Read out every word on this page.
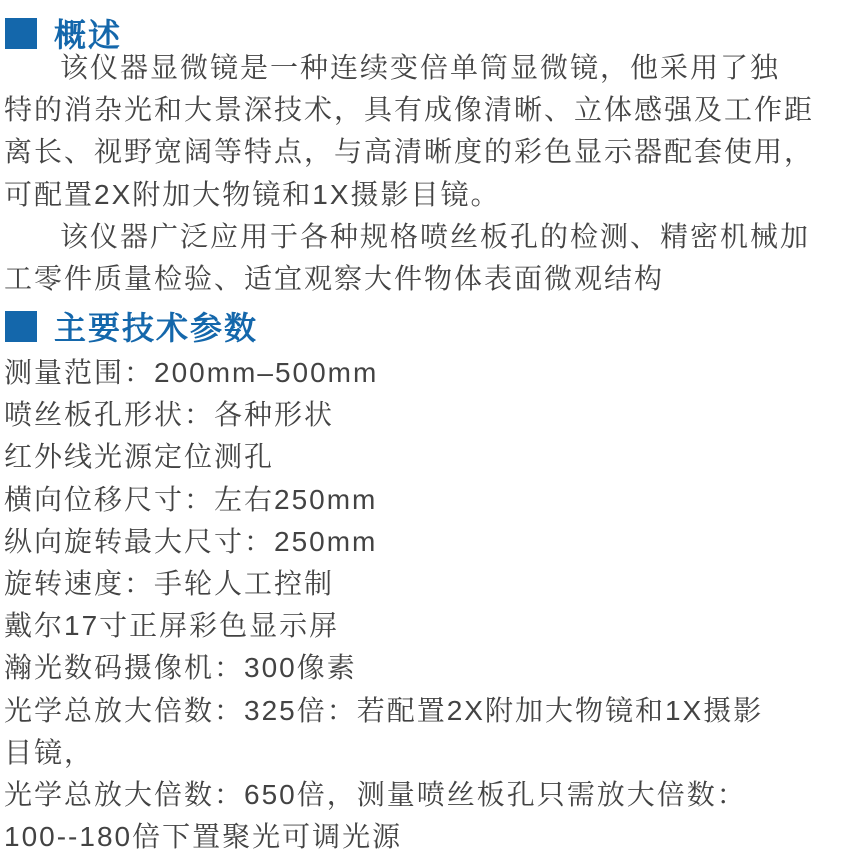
概述
该仪器显微镜是一种连续变倍单筒显微镜，他采用了独
特的消杂光和大景深技术，具有成像清晰、立体感强及工作距
离长、视野宽阔等特点，与高清晰度的彩色显示器配套使用，
可配置2X附加大物镜和1X摄影目镜。
该仪器广泛应用于各种规格喷丝板孔的检测、精密机械加
工零件质量检验、适宜观察大件物体表面微观结构
主要技术参数
测量范围：200mm–500mm
喷丝板孔形状：各种形状
红外线光源定位测孔
横向位移尺寸：左右250mm
纵向旋转最大尺寸：250mm
旋转速度：手轮人工控制
戴尔17寸正屏彩色显示屏
瀚光数码摄像机：300像素
光学总放大倍数：325倍：若配置2X附加大物镜和1X摄影
目镜，
光学总放大倍数：650倍，测量喷丝板孔只需放大倍数：
100--180倍下置聚光可调光源
